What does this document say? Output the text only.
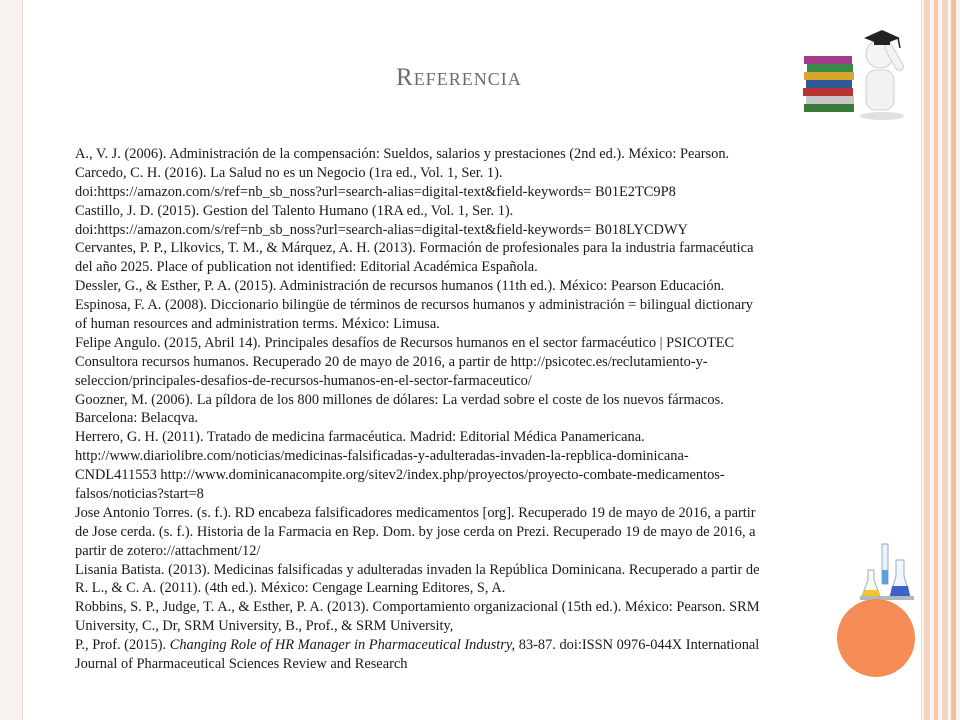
REFERENCIA
A., V. J. (2006). Administración de la compensación: Sueldos, salarios y prestaciones (2nd ed.). México: Pearson.
Carcedo, C. H. (2016). La Salud no es un Negocio (1ra ed., Vol. 1, Ser. 1).
doi:https://amazon.com/s/ref=nb_sb_noss?url=search-alias=digital-text&field-keywords= B01E2TC9P8
Castillo, J. D. (2015). Gestion del Talento Humano (1RA ed., Vol. 1, Ser. 1).
doi:https://amazon.com/s/ref=nb_sb_noss?url=search-alias=digital-text&field-keywords= B018LYCDWY
Cervantes, P. P., Llkovics, T. M., & Márquez, A. H. (2013). Formación de profesionales para la industria farmacéutica
del año 2025. Place of publication not identified: Editorial Académica Española.
Dessler, G., & Esther, P. A. (2015). Administración de recursos humanos (11th ed.). México: Pearson Educación.
Espinosa, F. A. (2008). Diccionario bilingüe de términos de recursos humanos y administración = bilingual dictionary
of human resources and administration terms. México: Limusa.
Felipe Angulo. (2015, Abril 14). Principales desafíos de Recursos humanos en el sector farmacéutico | PSICOTEC
Consultora recursos humanos. Recuperado 20 de mayo de 2016, a partir de http://psicotec.es/reclutamiento-y-
seleccion/principales-desafios-de-recursos-humanos-en-el-sector-farmaceutico/
Goozner, M. (2006). La píldora de los 800 millones de dólares: La verdad sobre el coste de los nuevos fármacos.
Barcelona: Belacqva.
Herrero, G. H. (2011). Tratado de medicina farmacéutica. Madrid: Editorial Médica Panamericana.
http://www.diariolibre.com/noticias/medicinas-falsificadas-y-adulteradas-invaden-la-repblica-dominicana-
CNDL411553 http://www.dominicanacompite.org/sitev2/index.php/proyectos/proyecto-combate-medicamentos-
falsos/noticias?start=8
Jose Antonio Torres. (s. f.). RD encabeza falsificadores medicamentos [org]. Recuperado 19 de mayo de 2016, a partir
de Jose cerda. (s. f.). Historia de la Farmacia en Rep. Dom. by jose cerda on Prezi. Recuperado 19 de mayo de 2016, a
partir de zotero://attachment/12/
Lisania Batista. (2013). Medicinas falsificadas y adulteradas invaden la República Dominicana. Recuperado a partir de
R. L., & C. A. (2011). (4th ed.). México: Cengage Learning Editores, S, A.
Robbins, S. P., Judge, T. A., & Esther, P. A. (2013). Comportamiento organizacional (15th ed.). México: Pearson. SRM
University, C., Dr, SRM University, B., Prof., & SRM University,
P., Prof. (2015). Changing Role of HR Manager in Pharmaceutical Industry, 83-87. doi:ISSN 0976-044X International
Journal of Pharmaceutical Sciences Review and Research
